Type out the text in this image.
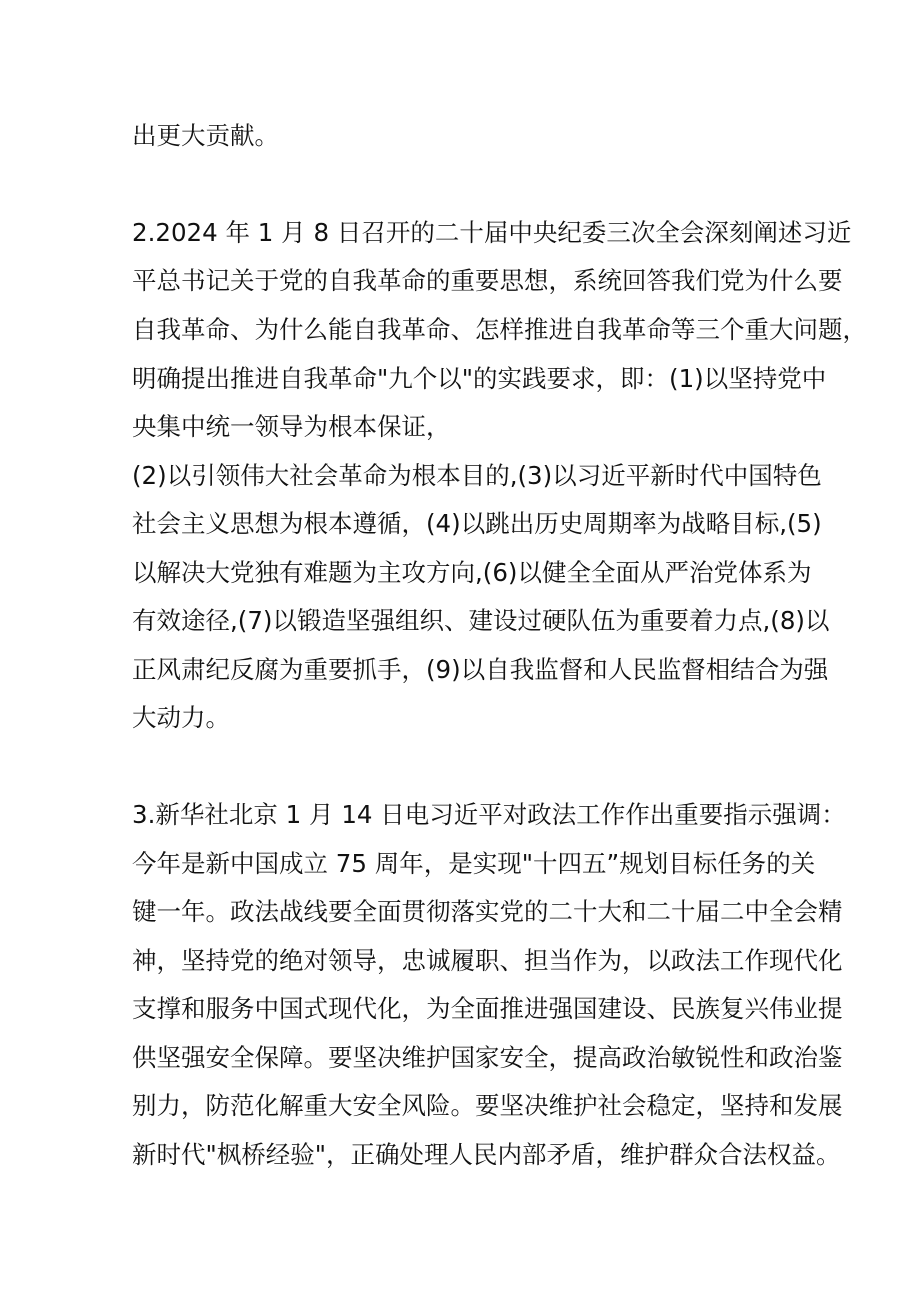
出更大贡献。
2.2024 年 1 月 8 日召开的二十届中央纪委三次全会深刻阐述习近
平总书记关于党的自我革命的重要思想，系统回答我们党为什么要
自我革命、为什么能自我革命、怎样推进自我革命等三个重大问题，
明确提出推进自我革命"九个以"的实践要求，即：(1)以坚持党中
央集中统一领导为根本保证，
(2)以引领伟大社会革命为根本目的,(3)以习近平新时代中国特色
社会主义思想为根本遵循，(4)以跳出历史周期率为战略目标,(5)
以解决大党独有难题为主攻方向,(6)以健全全面从严治党体系为
有效途径,(7)以锻造坚强组织、建设过硬队伍为重要着力点,(8)以
正风肃纪反腐为重要抓手，(9)以自我监督和人民监督相结合为强
大动力。
3.新华社北京 1 月 14 日电习近平对政法工作作出重要指示强调：
今年是新中国成立 75 周年，是实现"十四五”规划目标任务的关
键一年。政法战线要全面贯彻落实党的二十大和二十届二中全会精
神，坚持党的绝对领导，忠诚履职、担当作为，以政法工作现代化
支撑和服务中国式现代化，为全面推进强国建设、民族复兴伟业提
供坚强安全保障。要坚决维护国家安全，提高政治敏锐性和政治鉴
别力，防范化解重大安全风险。要坚决维护社会稳定，坚持和发展
新时代"枫桥经验"，正确处理人民内部矛盾，维护群众合法权益。
